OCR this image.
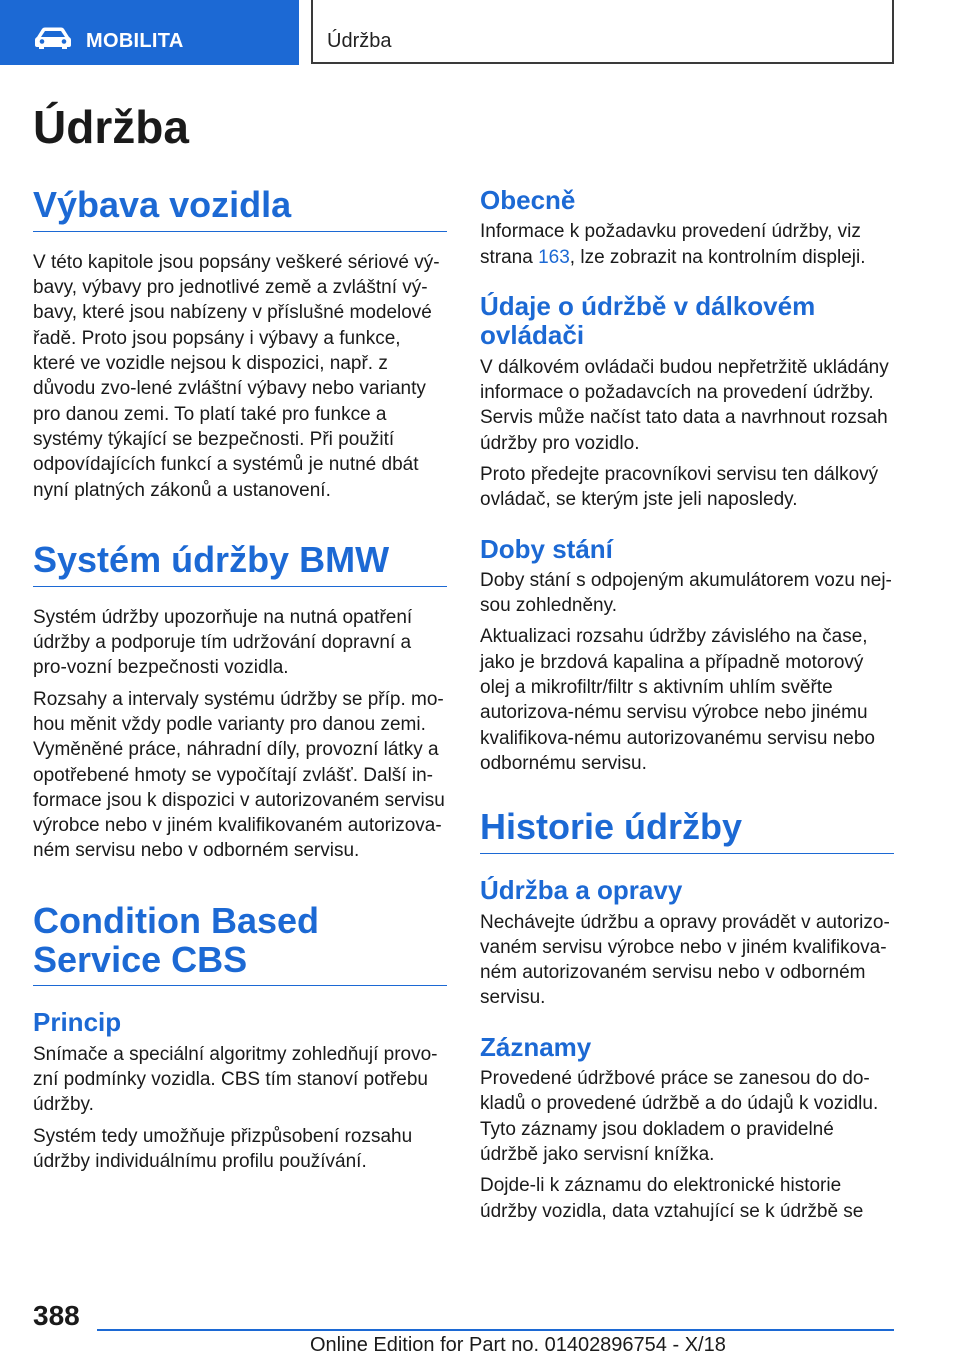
MOBILITA	Údržba
Údržba
Výbava vozidla

V této kapitole jsou popsány veškeré sériové vý-bavy, výbavy pro jednotlivé země a zvláštní vý-bavy, které jsou nabízeny v příslušné modelové řadě. Proto jsou popsány i výbavy a funkce, které ve vozidle nejsou k dispozici, např. z důvodu zvo-lené zvláštní výbavy nebo varianty pro danou zemi. To platí také pro funkce a systémy týkající se bezpečnosti. Při použití odpovídajících funkcí a systémů je nutné dbát nyní platných zákonů a ustanovení.

Systém údržby BMW

Systém údržby upozorňuje na nutná opatření údržby a podporuje tím udržování dopravní a pro-vozní bezpečnosti vozidla.

Rozsahy a intervaly systému údržby se příp. mo-hou měnit vždy podle varianty pro danou zemi. Vyměněné práce, náhradní díly, provozní látky a opotřebené hmoty se vypočítají zvlášť. Další in-formace jsou k dispozici v autorizovaném servisu výrobce nebo v jiném kvalifikovaném autorizova-ném servisu nebo v odborném servisu.

Condition Based Service CBS
Princip

Snímače a speciální algoritmy zohledňují provo-zní podmínky vozidla. CBS tím stanoví potřebu údržby.

Systém tedy umožňuje přizpůsobení rozsahu údržby individuálnímu profilu používání.

Obecně

Informace k požadavku provedení údržby, viz strana 163, lze zobrazit na kontrolním displeji.

Údaje o údržbě v dálkovém ovládači

V dálkovém ovládači budou nepřetržitě ukládány informace o požadavcích na provedení údržby. Servis může načíst tato data a navrhnout rozsah údržby pro vozidlo.

Proto předejte pracovníkovi servisu ten dálkový ovládač, se kterým jste jeli naposledy.

Doby stání

Doby stání s odpojeným akumulátorem vozu nej-sou zohledněny.

Aktualizaci rozsahu údržby závislého na čase, jako je brzdová kapalina a případně motorový olej a mikrofiltr/filtr s aktivním uhlím svěřte autorizova-nému servisu výrobce nebo jinému kvalifikova-nému autorizovanému servisu nebo odbornému servisu.

Historie údržby
Údržba a opravy

Nechávejte údržbu a opravy provádět v autorizo-vaném servisu výrobce nebo v jiném kvalifikova-ném autorizovaném servisu nebo v odborném servisu.

Záznamy

Provedené údržbové práce se zanesou do do-kladů o provedené údržbě a do údajů k vozidlu. Tyto záznamy jsou dokladem o pravidelné údržbě jako servisní knížka.

Dojde-li k záznamu do elektronické historie údržby vozidla, data vztahující se k údržbě se

388
Online Edition for Part no. 01402896754 - X/18
